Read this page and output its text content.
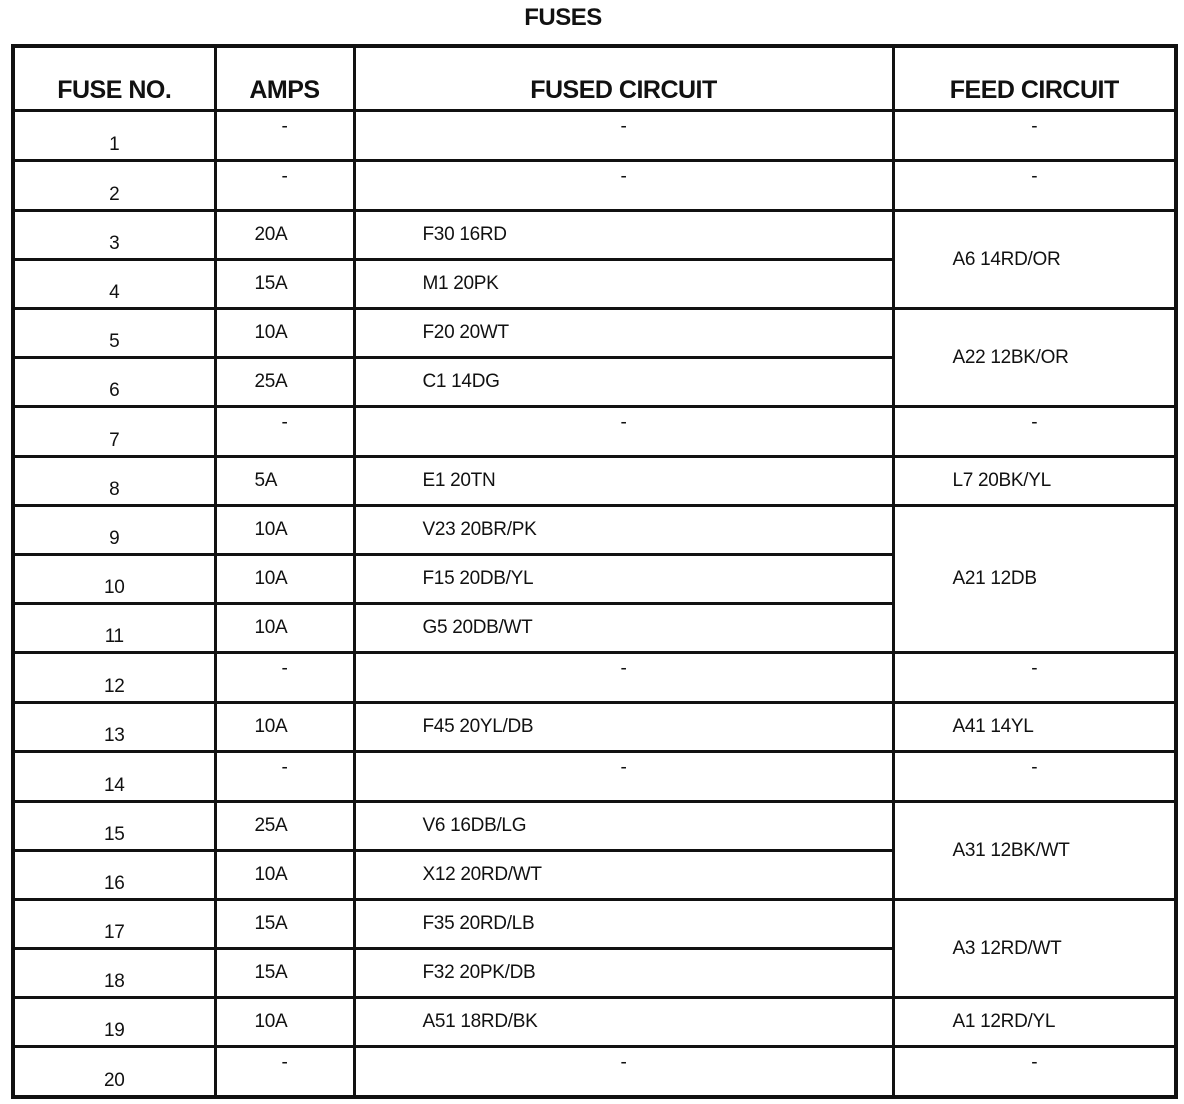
FUSES
FUSE NO.	AMPS	FUSED CIRCUIT	FEED CIRCUIT
1	-	-	-
2	-	-	-
3	20A	F30 16RD	A6 14RD/OR
4	15A	M1 20PK	
5	10A	F20 20WT	A22 12BK/OR
6	25A	C1 14DG	
7	-	-	-
8	5A	E1 20TN	L7 20BK/YL
9	10A	V23 20BR/PK	A21 12DB
10	10A	F15 20DB/YL	
11	10A	G5 20DB/WT	
12	-	-	-
13	10A	F45 20YL/DB	A41 14YL
14	-	-	-
15	25A	V6 16DB/LG	A31 12BK/WT
16	10A	X12 20RD/WT	
17	15A	F35 20RD/LB	A3 12RD/WT
18	15A	F32 20PK/DB	
19	10A	A51 18RD/BK	A1 12RD/YL
20	-	-	-
